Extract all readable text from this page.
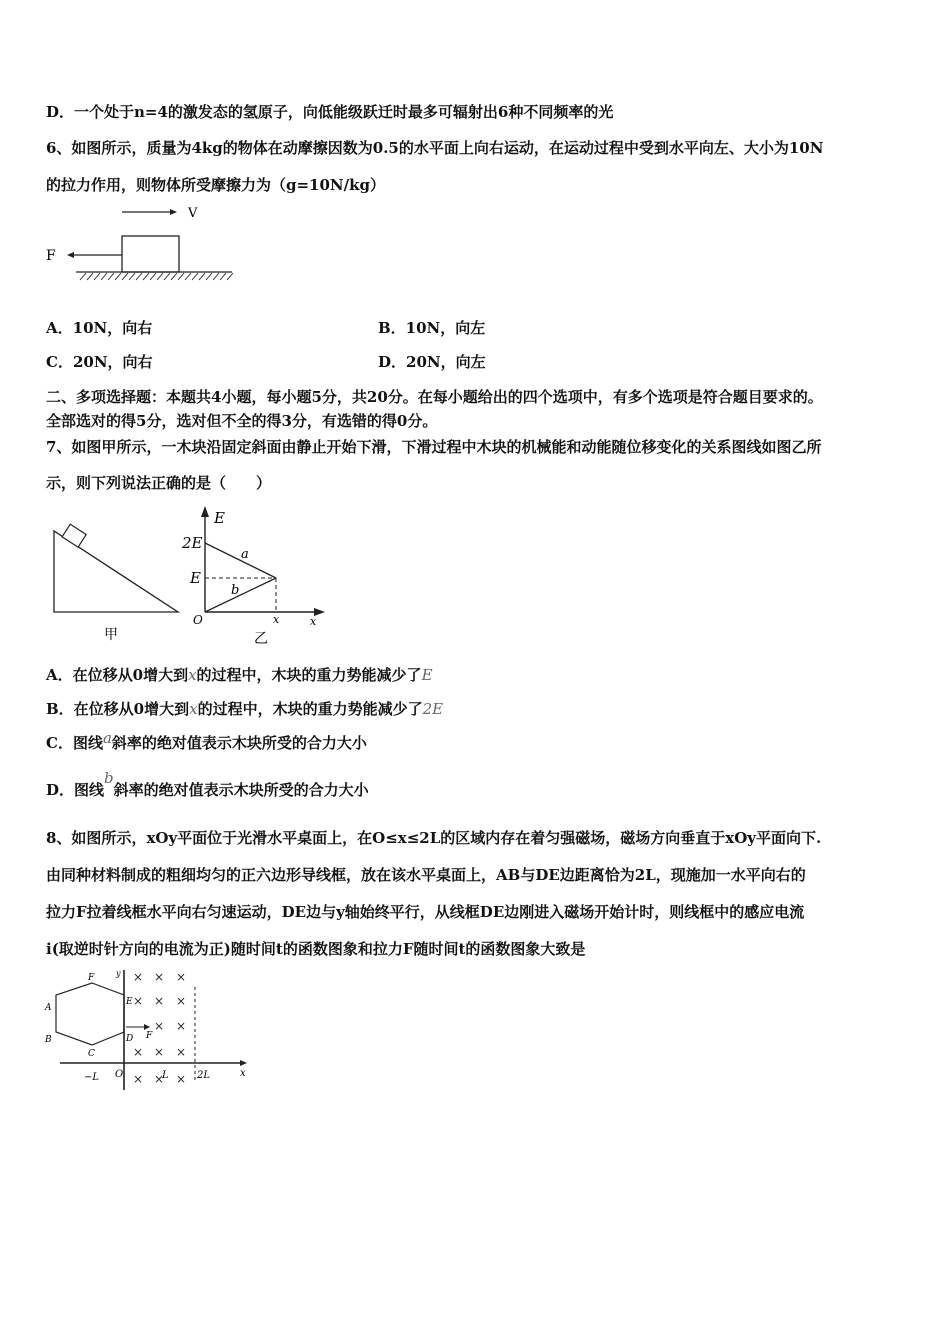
D．一个处于n=4的激发态的氢原子，向低能级跃迁时最多可辐射出6种不同频率的光
6、如图所示，质量为4kg的物体在动摩擦因数为0.5的水平面上向右运动，在运动过程中受到水平向左、大小为10N
的拉力作用，则物体所受摩擦力为（g=10N/kg）
V
F
A．10N，向右	B．10N，向左
C．20N，向右	D．20N，向左
二、多项选择题：本题共4小题，每小题5分，共20分。在每小题给出的四个选项中，有多个选项是符合题目要求的。
全部选对的得5分，选对但不全的得3分，有选错的得0分。
7、如图甲所示，一木块沿固定斜面由静止开始下滑，下滑过程中木块的机械能和动能随位移变化的关系图线如图乙所
示，则下列说法正确的是（　　）
甲
E
x
2E
E
O	x
a
b
乙
A．在位移从0增大到x的过程中，木块的重力势能减少了E
B．在位移从0增大到x的过程中，木块的重力势能减少了2E
C．图线a斜率的绝对值表示木块所受的合力大小
D．图线b斜率的绝对值表示木块所受的合力大小
8、如图所示，xOy平面位于光滑水平桌面上，在O≤x≤2L的区域内存在着匀强磁场，磁场方向垂直于xOy平面向下.
由同种材料制成的粗细均匀的正六边形导线框，放在该水平桌面上，AB与DE边距离恰为2L，现施加一水平向右的
拉力F拉着线框水平向右匀速运动，DE边与y轴始终平行，从线框DE边刚进入磁场开始计时，则线框中的感应电流
i(取逆时针方向的电流为正)随时间t的函数图象和拉力F随时间t的函数图象大致是
y
x
F
E
A
B	D
C
F
× × ×
× × ×
× ×
× × ×
× × ×
O
−L	L	2L
